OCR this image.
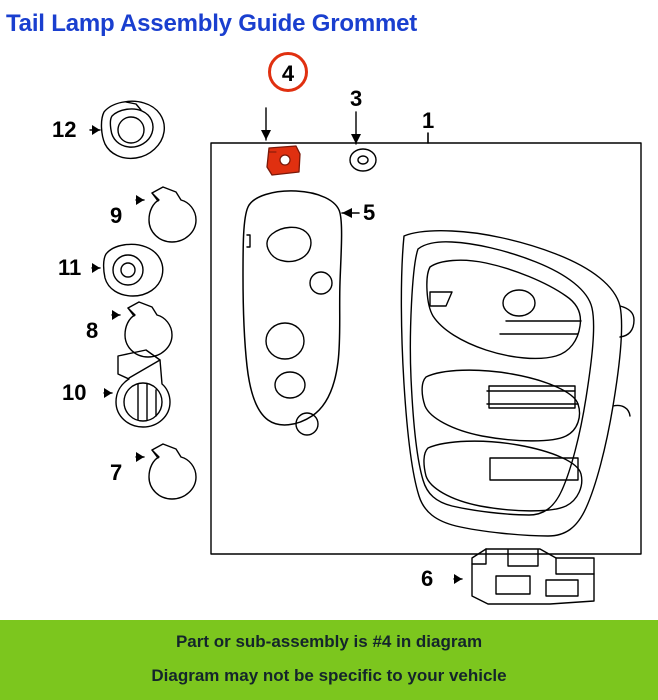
Tail Lamp Assembly Guide Grommet
1
3
5
6
7
8
9
10
11
12
4
Part or sub-assembly is #4 in diagram
Diagram may not be specific to your vehicle
